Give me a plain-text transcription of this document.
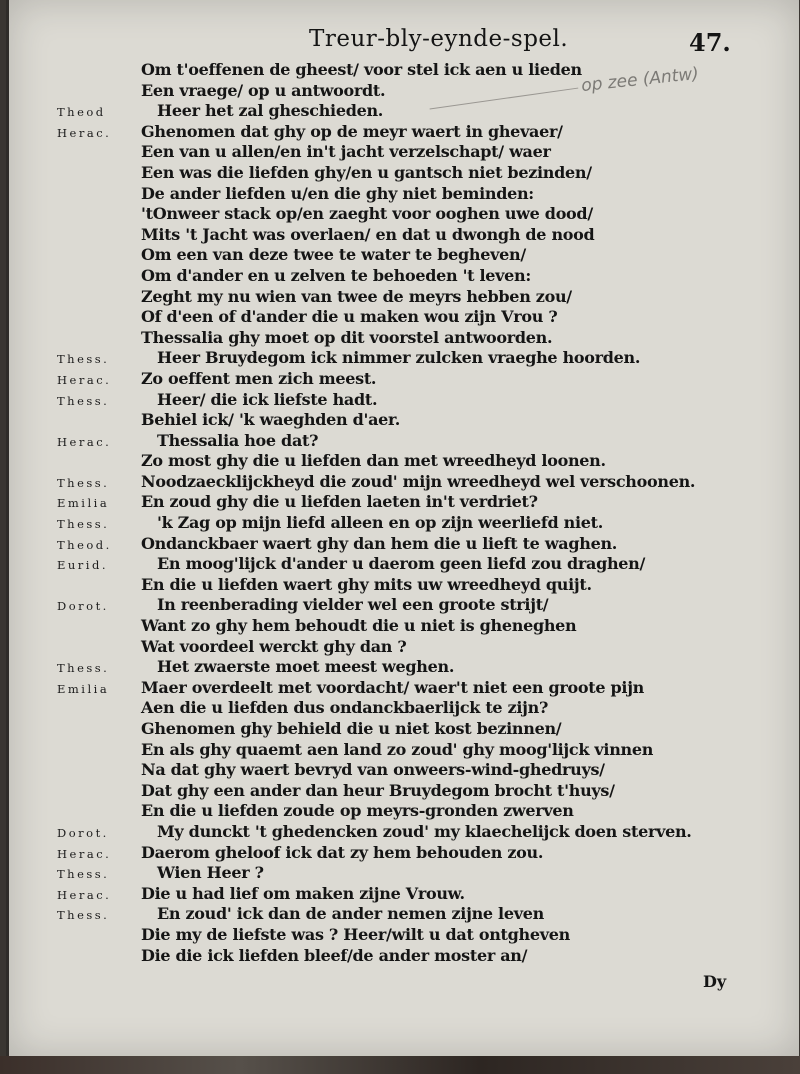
Treur-bly-eynde-spel.	47.
op zee (Antw)
Om t'oeffenen de gheest/ voor stel ick aen u lieden
Een vraege/ op u antwoordt.
Theod	Heer het zal gheschieden.
Herac. Ghenomen dat ghy op de meyr waert in ghevaer/
Een van u allen/en in't jacht verzelschapt/ waer
Een was die liefden ghy/en u gantsch niet bezinden/
De ander liefden u/en die ghy niet beminden:
'tOnweer stack op/en zaeght voor ooghen uwe dood/
Mits 't Jacht was overlaen/ en dat u dwongh de nood
Om een van deze twee te water te begheven/
Om d'ander en u zelven te behoeden 't leven:
Zeght my nu wien van twee de meyrs hebben zou/
Of d'een of d'ander die u maken wou zijn Vrou ?
Thessalia ghy moet op dit voorstel antwoorden.
Thess.	Heer Bruydegom ick nimmer zulcken vraeghe hoorden.
Herac. Zo oeffent men zich meest.
Thess.	Heer/ die ick liefste hadt.
Behiel ick/ 'k waeghden d'aer.
Herac.	Thessalia hoe dat?
Zo most ghy die u liefden dan met wreedheyd loonen.
Thess. Noodzaecklijckheyd die zoud' mijn wreedheyd wel verschoonen.
Emilia En zoud ghy die u liefden laeten in't verdriet?
Thess.	'k Zag op mijn liefd alleen en op zijn weerliefd niet.
Theod. Ondanckbaer waert ghy dan hem die u lieft te waghen.
Eurid.	En moog'lijck d'ander u daerom geen liefd zou draghen/
En die u liefden waert ghy mits uw wreedheyd quijt.
Dorot.	In reenberading vielder wel een groote strijt/
Want zo ghy hem behoudt die u niet is gheneghen
Wat voordeel werckt ghy dan ?
Thess.	Het zwaerste moet meest weghen.
Emilia Maer overdeelt met voordacht/ waer't niet een groote pijn
Aen die u liefden dus ondanckbaerlijck te zijn?
Ghenomen ghy behield die u niet kost bezinnen/
En als ghy quaemt aen land zo zoud' ghy moog'lijck vinnen
Na dat ghy waert bevryd van onweers-wind-ghedruys/
Dat ghy een ander dan heur Bruydegom brocht t'huys/
En die u liefden zoude op meyrs-gronden zwerven
Dorot.	My dunckt 't ghedencken zoud' my klaechelijck doen sterven.
Herac. Daerom gheloof ick dat zy hem behouden zou.
Thess.	Wien Heer ?
Herac. Die u had lief om maken zijne Vrouw.
Thess.	En zoud' ick dan de ander nemen zijne leven
Die my de liefste was ? Heer/wilt u dat ontgheven
Die die ick liefden bleef/de ander moster an/
Dy
